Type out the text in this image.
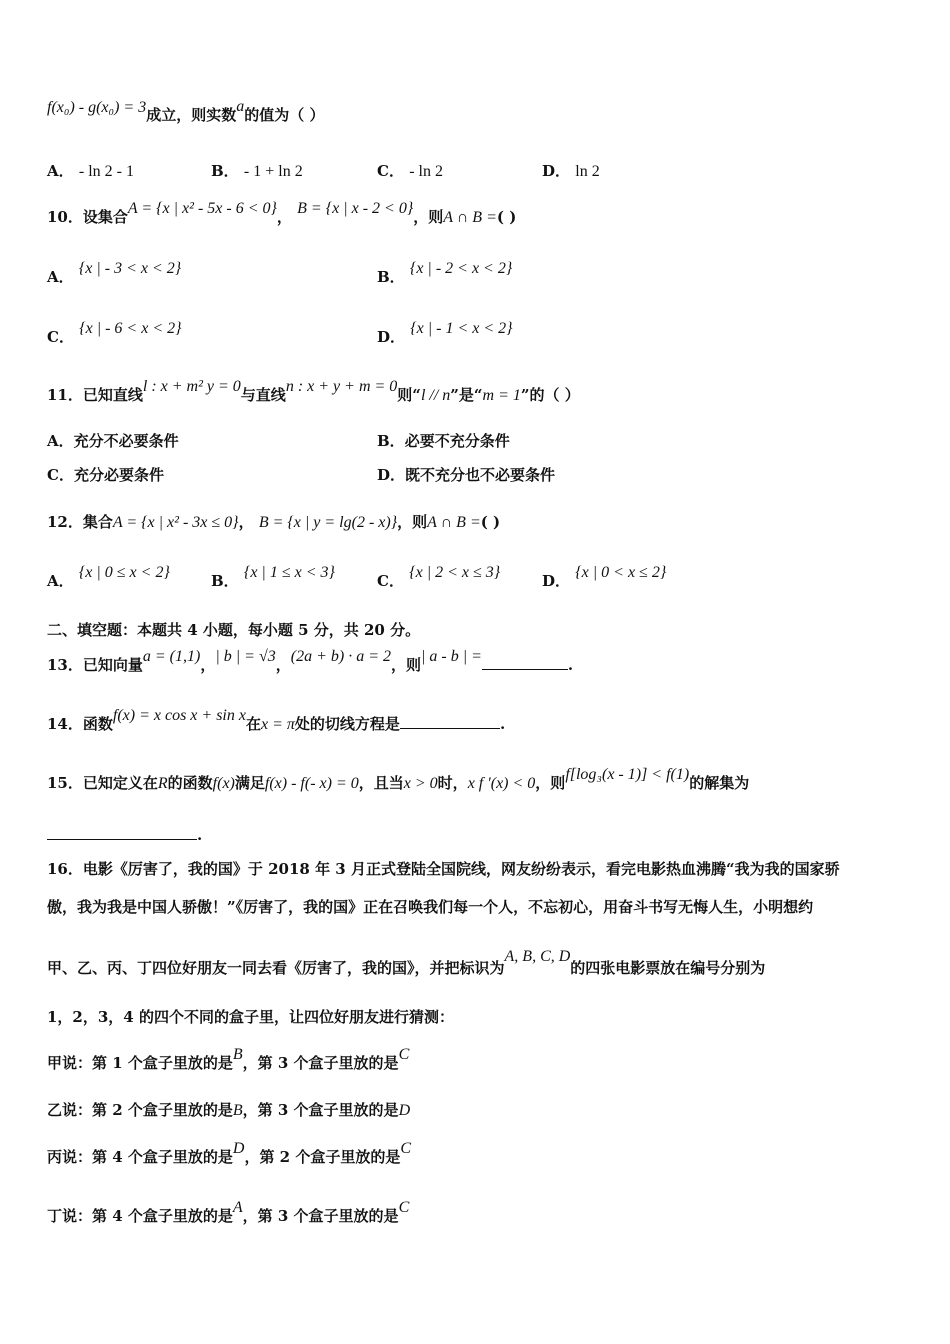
f(x₀) - g(x₀) = 3成立，则实数a的值为（ ）
A． - ln 2 - 1	B． - 1 + ln 2	C． - ln 2	D． ln 2
10．设集合A = {x | x² - 5x - 6 < 0}， B = {x | x - 2 < 0}，则A ∩ B =( )
A． {x | - 3 < x < 2}	B． {x | - 2 < x < 2}
C． {x | - 6 < x < 2}	D． {x | - 1 < x < 2}
11．已知直线l : x + m² y = 0与直线n : x + y + m = 0则“l // n”是“m = 1”的（ ）
A．充分不必要条件	B．必要不充分条件
C．充分必要条件	D．既不充分也不必要条件
12．集合A = {x | x² - 3x ≤ 0}， B = {x | y = lg(2 - x)}，则A ∩ B =( )
A． {x | 0 ≤ x < 2}	B． {x | 1 ≤ x < 3}	C． {x | 2 < x ≤ 3}	D． {x | 0 < x ≤ 2}
二、填空题：本题共 4 小题，每小题 5 分，共 20 分。
13．已知向量a = (1,1)，| b | = √3，(2a + b) · a = 2，则| a - b | =	.
14．函数f(x) = x cos x + sin x在x = π处的切线方程是	.
15．已知定义在R的函数f(x)满足f(x) - f(- x) = 0，且当x > 0时，x f ′(x) < 0，则f[log₃(x - 1)] < f(1)的解集为
.
16．电影《厉害了，我的国》于 2018 年 3 月正式登陆全国院线，网友纷纷表示，看完电影热血沸腾“我为我的国家骄
傲，我为我是中国人骄傲！”《厉害了，我的国》正在召唤我们每一个人，不忘初心，用奋斗书写无悔人生，小明想约
甲、乙、丙、丁四位好朋友一同去看《厉害了，我的国》，并把标识为A, B, C, D的四张电影票放在编号分别为
1，2，3，4 的四个不同的盒子里，让四位好朋友进行猜测：
甲说：第 1 个盒子里放的是B，第 3 个盒子里放的是C
乙说：第 2 个盒子里放的是B，第 3 个盒子里放的是D
丙说：第 4 个盒子里放的是D，第 2 个盒子里放的是C
丁说：第 4 个盒子里放的是A，第 3 个盒子里放的是C
